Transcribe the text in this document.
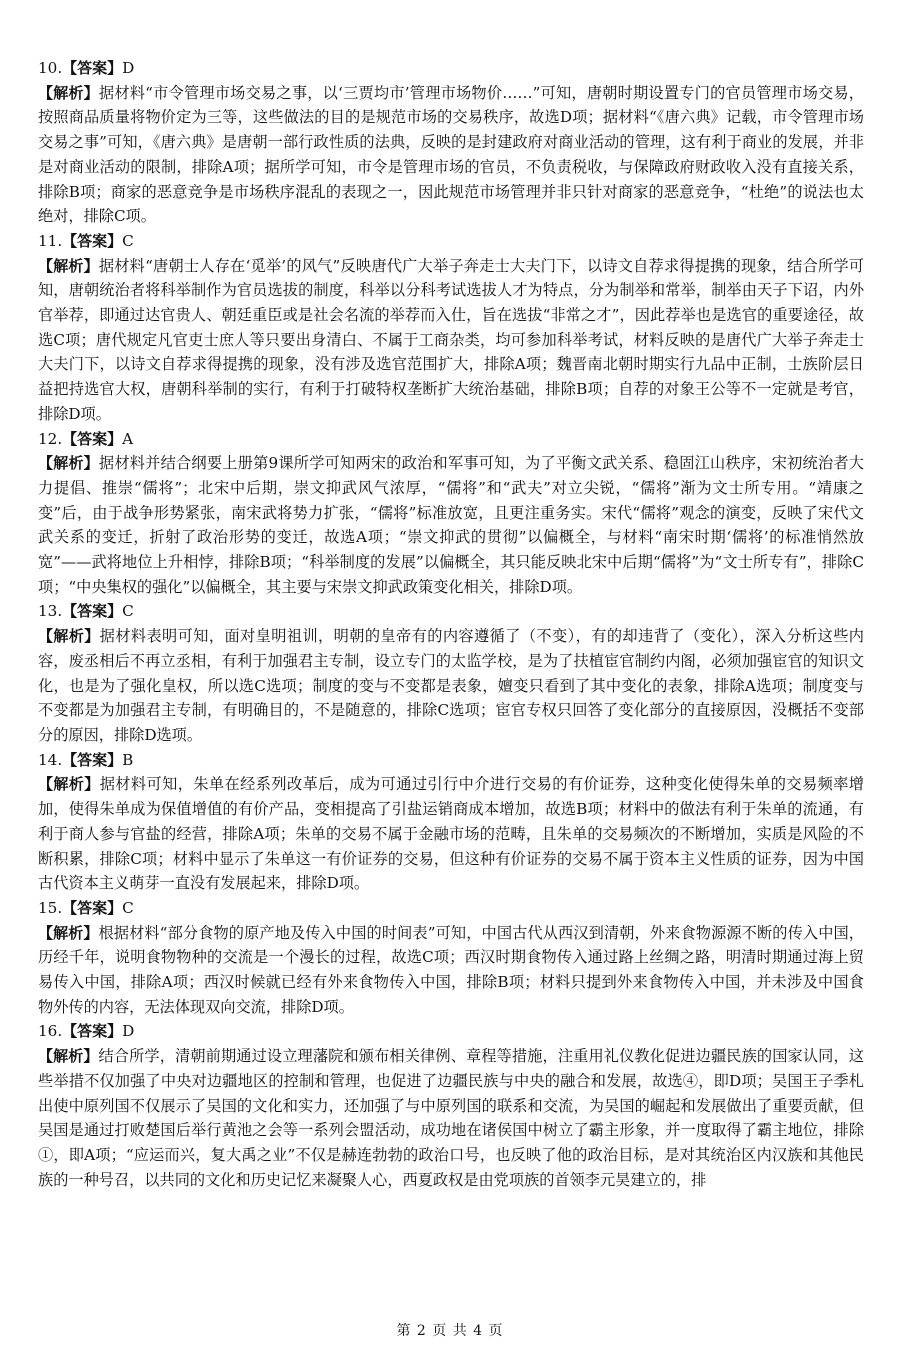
10.【答案】D
【解析】据材料“市令管理市场交易之事，以‘三贾均市’管理市场物价……”可知，唐朝时期设置专门的官员管理市场交易，按照商品质量将物价定为三等，这些做法的目的是规范市场的交易秩序，故选D项；据材料“《唐六典》记载，市令管理市场交易之事”可知，《唐六典》是唐朝一部行政性质的法典，反映的是封建政府对商业活动的管理，这有利于商业的发展，并非是对商业活动的限制，排除A项；据所学可知，市令是管理市场的官员，不负责税收，与保障政府财政收入没有直接关系，排除B项；商家的恶意竞争是市场秩序混乱的表现之一，因此规范市场管理并非只针对商家的恶意竞争，“杜绝”的说法也太绝对，排除C项。
11.【答案】C
【解析】据材料“唐朝士人存在‘觅举’的风气”反映唐代广大举子奔走士大夫门下，以诗文自荐求得提携的现象，结合所学可知，唐朝统治者将科举制作为官员选拔的制度，科举以分科考试选拔人才为特点，分为制举和常举，制举由天子下诏，内外官举荐，即通过达官贵人、朝廷重臣或是社会名流的举荐而入仕，旨在选拔“非常之才”，因此荐举也是选官的重要途径，故选C项；唐代规定凡官吏士庶人等只要出身清白、不属于工商杂类，均可参加科举考试，材料反映的是唐代广大举子奔走士大夫门下，以诗文自荐求得提携的现象，没有涉及选官范围扩大，排除A项；魏晋南北朝时期实行九品中正制，士族阶层日益把持选官大权，唐朝科举制的实行，有利于打破特权垄断扩大统治基础，排除B项；自荐的对象王公等不一定就是考官，排除D项。
12.【答案】A
【解析】据材料并结合纲要上册第9课所学可知两宋的政治和军事可知，为了平衡文武关系、稳固江山秩序，宋初统治者大力提倡、推崇“儒将”；北宋中后期，崇文抑武风气浓厚，“儒将”和“武夫”对立尖锐，“儒将”渐为文士所专用。“靖康之变”后，由于战争形势紧张，南宋武将势力扩张，“儒将”标准放宽，且更注重务实。宋代“儒将”观念的演变，反映了宋代文武关系的变迁，折射了政治形势的变迁，故选A项；“崇文抑武的贯彻”以偏概全，与材料“南宋时期‘儒将’的标准悄然放宽”——武将地位上升相悖，排除B项；“科举制度的发展”以偏概全，其只能反映北宋中后期“儒将”为“文士所专有”，排除C项；“中央集权的强化”以偏概全，其主要与宋崇文抑武政策变化相关，排除D项。
13.【答案】C
【解析】据材料表明可知，面对皇明祖训，明朝的皇帝有的内容遵循了（不变），有的却违背了（变化），深入分析这些内容，废丞相后不再立丞相，有利于加强君主专制，设立专门的太监学校，是为了扶植宦官制约内阁，必须加强宦官的知识文化，也是为了强化皇权，所以选C选项；制度的变与不变都是表象，嬗变只看到了其中变化的表象，排除A选项；制度变与不变都是为加强君主专制，有明确目的，不是随意的，排除C选项；宦官专权只回答了变化部分的直接原因，没概括不变部分的原因，排除D选项。
14.【答案】B
【解析】据材料可知，朱单在经系列改革后，成为可通过引行中介进行交易的有价证券，这种变化使得朱单的交易频率增加，使得朱单成为保值增值的有价产品，变相提高了引盐运销商成本增加，故选B项；材料中的做法有利于朱单的流通，有利于商人参与官盐的经营，排除A项；朱单的交易不属于金融市场的范畴，且朱单的交易频次的不断增加，实质是风险的不断积累，排除C项；材料中显示了朱单这一有价证券的交易，但这种有价证券的交易不属于资本主义性质的证券，因为中国古代资本主义萌芽一直没有发展起来，排除D项。
15.【答案】C
【解析】根据材料“部分食物的原产地及传入中国的时间表”可知，中国古代从西汉到清朝，外来食物源源不断的传入中国，历经千年，说明食物物种的交流是一个漫长的过程，故选C项；西汉时期食物传入通过路上丝绸之路，明清时期通过海上贸易传入中国，排除A项；西汉时候就已经有外来食物传入中国，排除B项；材料只提到外来食物传入中国，并未涉及中国食物外传的内容，无法体现双向交流，排除D项。
16.【答案】D
【解析】结合所学，清朝前期通过设立理藩院和颁布相关律例、章程等措施，注重用礼仪教化促进边疆民族的国家认同，这些举措不仅加强了中央对边疆地区的控制和管理，也促进了边疆民族与中央的融合和发展，故选④，即D项；吴国王子季札出使中原列国不仅展示了吴国的文化和实力，还加强了与中原列国的联系和交流，为吴国的崛起和发展做出了重要贡献，但吴国是通过打败楚国后举行黄池之会等一系列会盟活动，成功地在诸侯国中树立了霸主形象，并一度取得了霸主地位，排除①，即A项；“应运而兴，复大禹之业”不仅是赫连勃勃的政治口号，也反映了他的政治目标，是对其统治区内汉族和其他民族的一种号召，以共同的文化和历史记忆来凝聚人心，西夏政权是由党项族的首领李元昊建立的，排
第 2 页 共 4 页
